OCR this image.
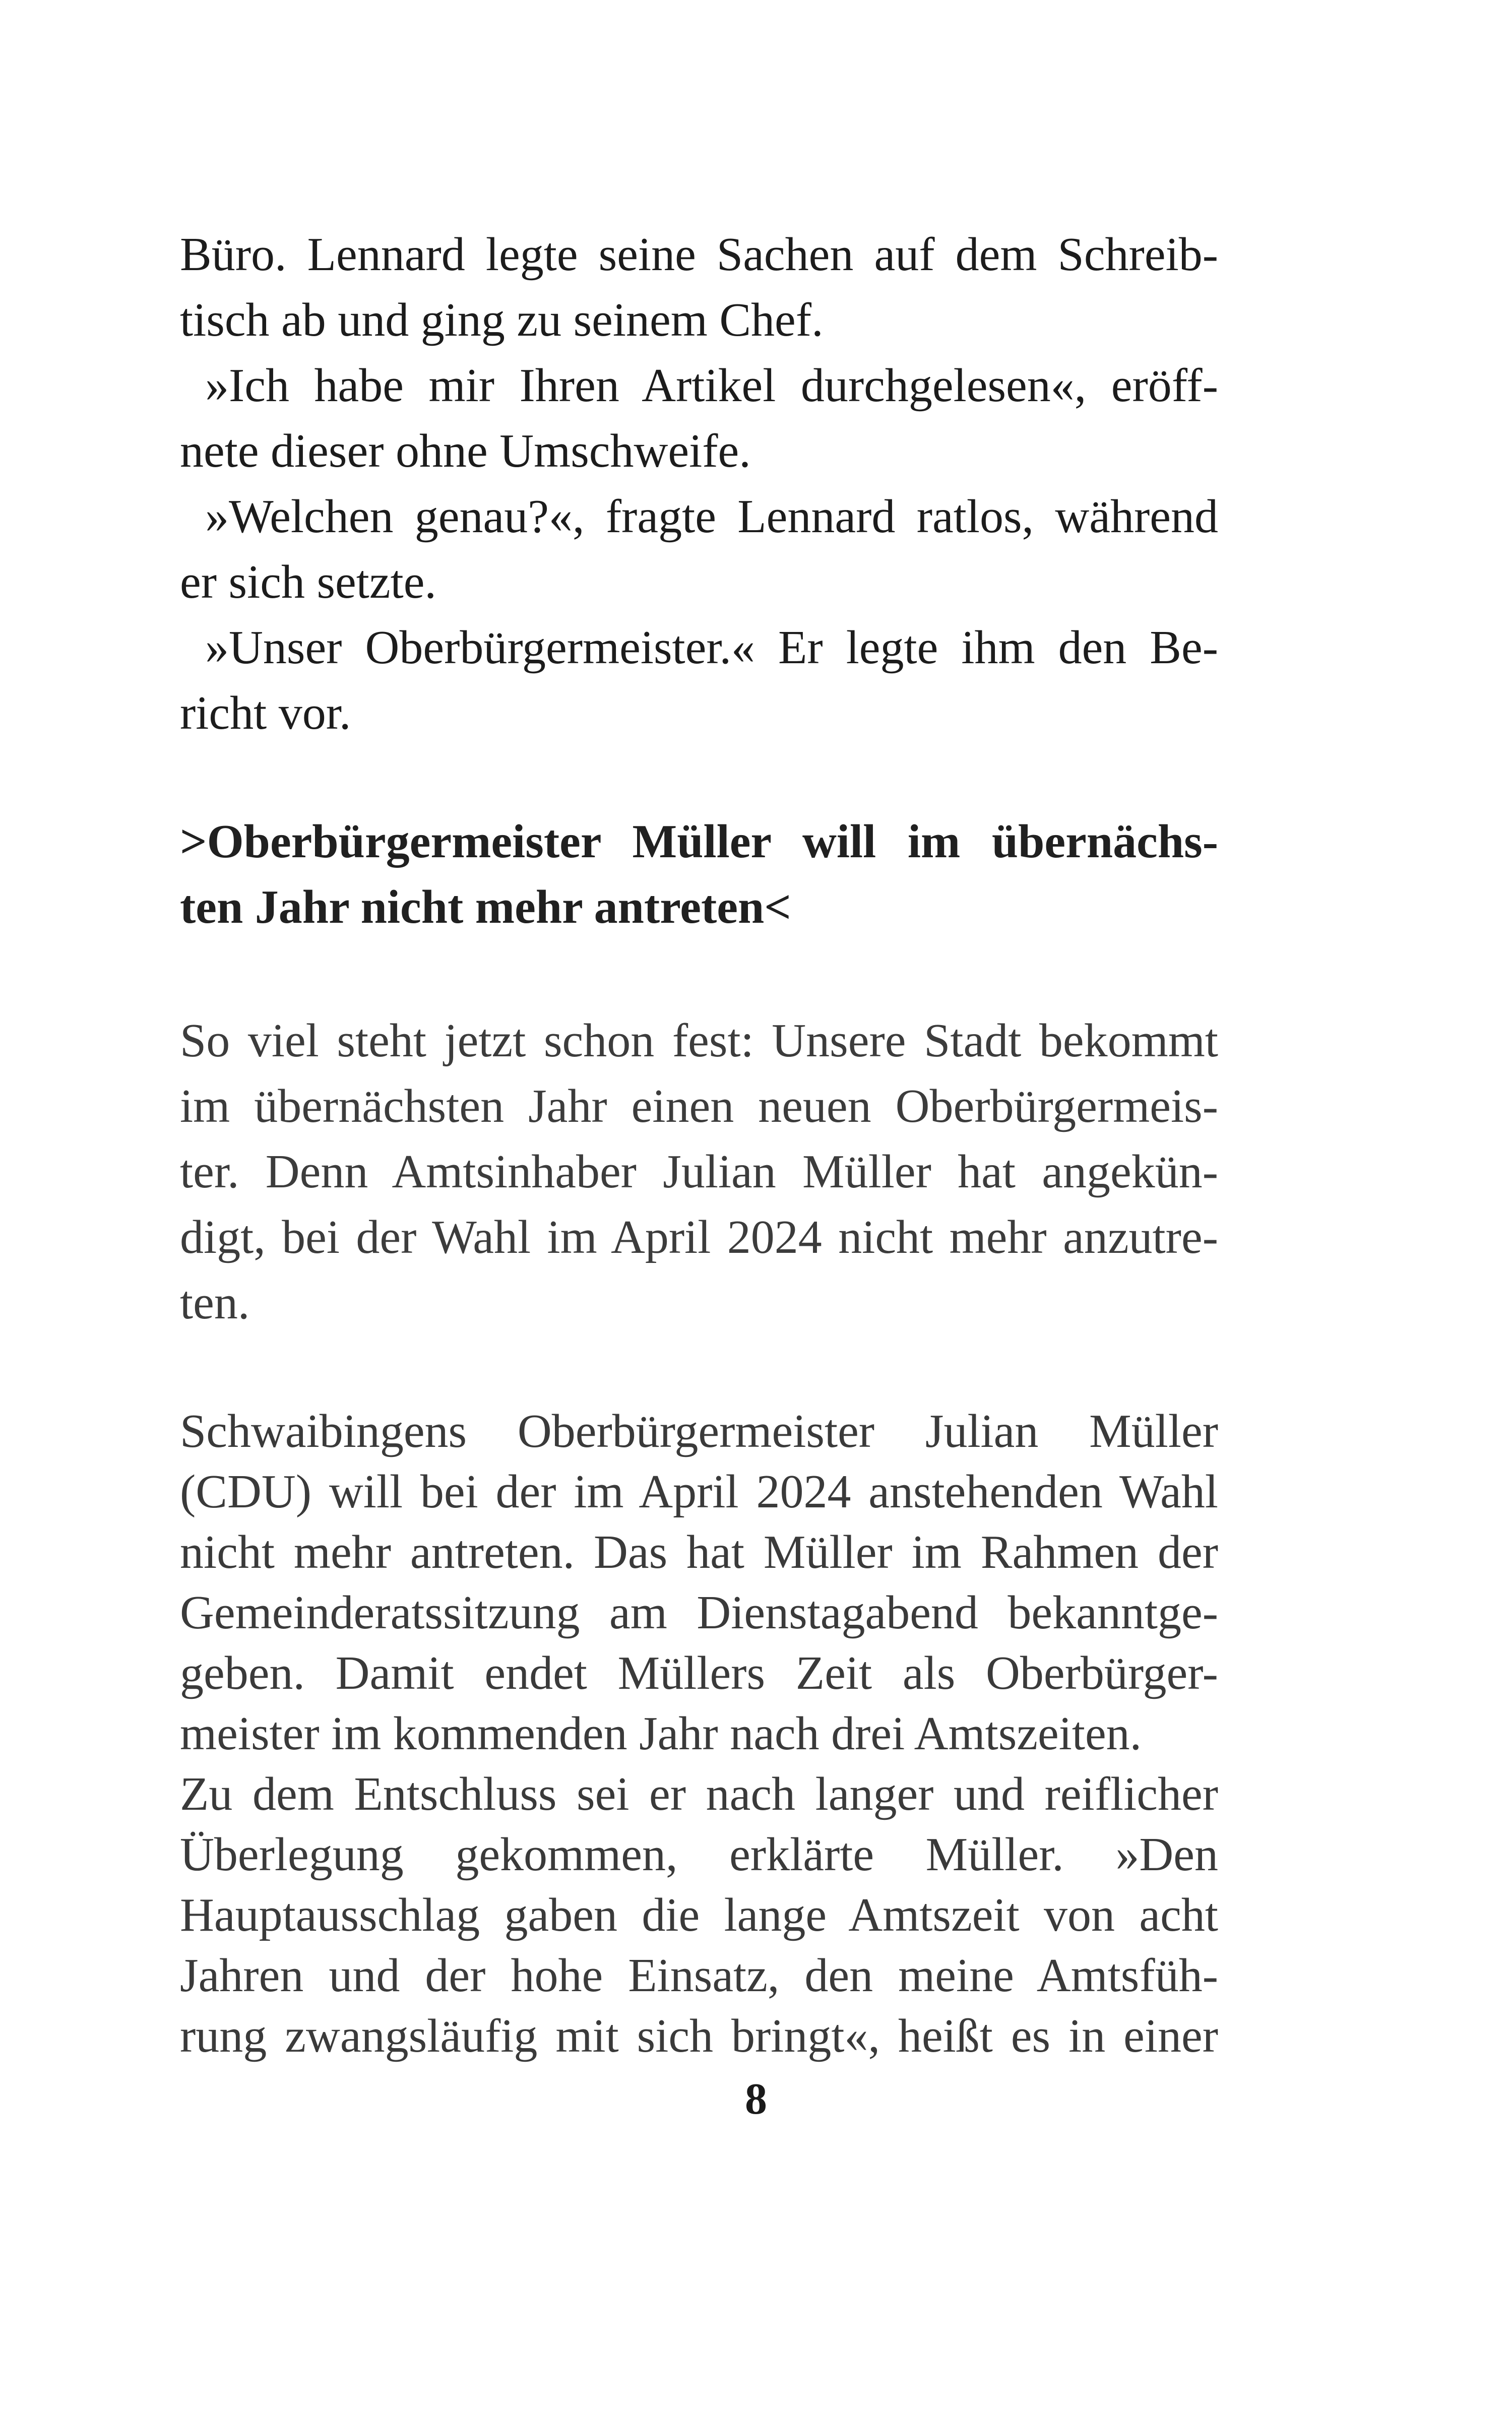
Büro. Lennard legte seine Sachen auf dem Schreib-
tisch ab und ging zu seinem Chef.
»Ich habe mir Ihren Artikel durchgelesen«, eröff-
nete dieser ohne Umschweife.
»Welchen genau?«, fragte Lennard ratlos, während
er sich setzte.
»Unser Oberbürgermeister.« Er legte ihm den Be-
richt vor.
>Oberbürgermeister Müller will im übernächs-
ten Jahr nicht mehr antreten<
So viel steht jetzt schon fest: Unsere Stadt bekommt
im übernächsten Jahr einen neuen Oberbürgermeis-
ter. Denn Amtsinhaber Julian Müller hat angekün-
digt, bei der Wahl im April 2024 nicht mehr anzutre-
ten.
Schwaibingens Oberbürgermeister Julian Müller
(CDU) will bei der im April 2024 anstehenden Wahl
nicht mehr antreten. Das hat Müller im Rahmen der
Gemeinderatssitzung am Dienstagabend bekanntge-
geben. Damit endet Müllers Zeit als Oberbürger-
meister im kommenden Jahr nach drei Amtszeiten.
Zu dem Entschluss sei er nach langer und reiflicher
Überlegung gekommen, erklärte Müller. »Den
Hauptausschlag gaben die lange Amtszeit von acht
Jahren und der hohe Einsatz, den meine Amtsfüh-
rung zwangsläufig mit sich bringt«, heißt es in einer
8
